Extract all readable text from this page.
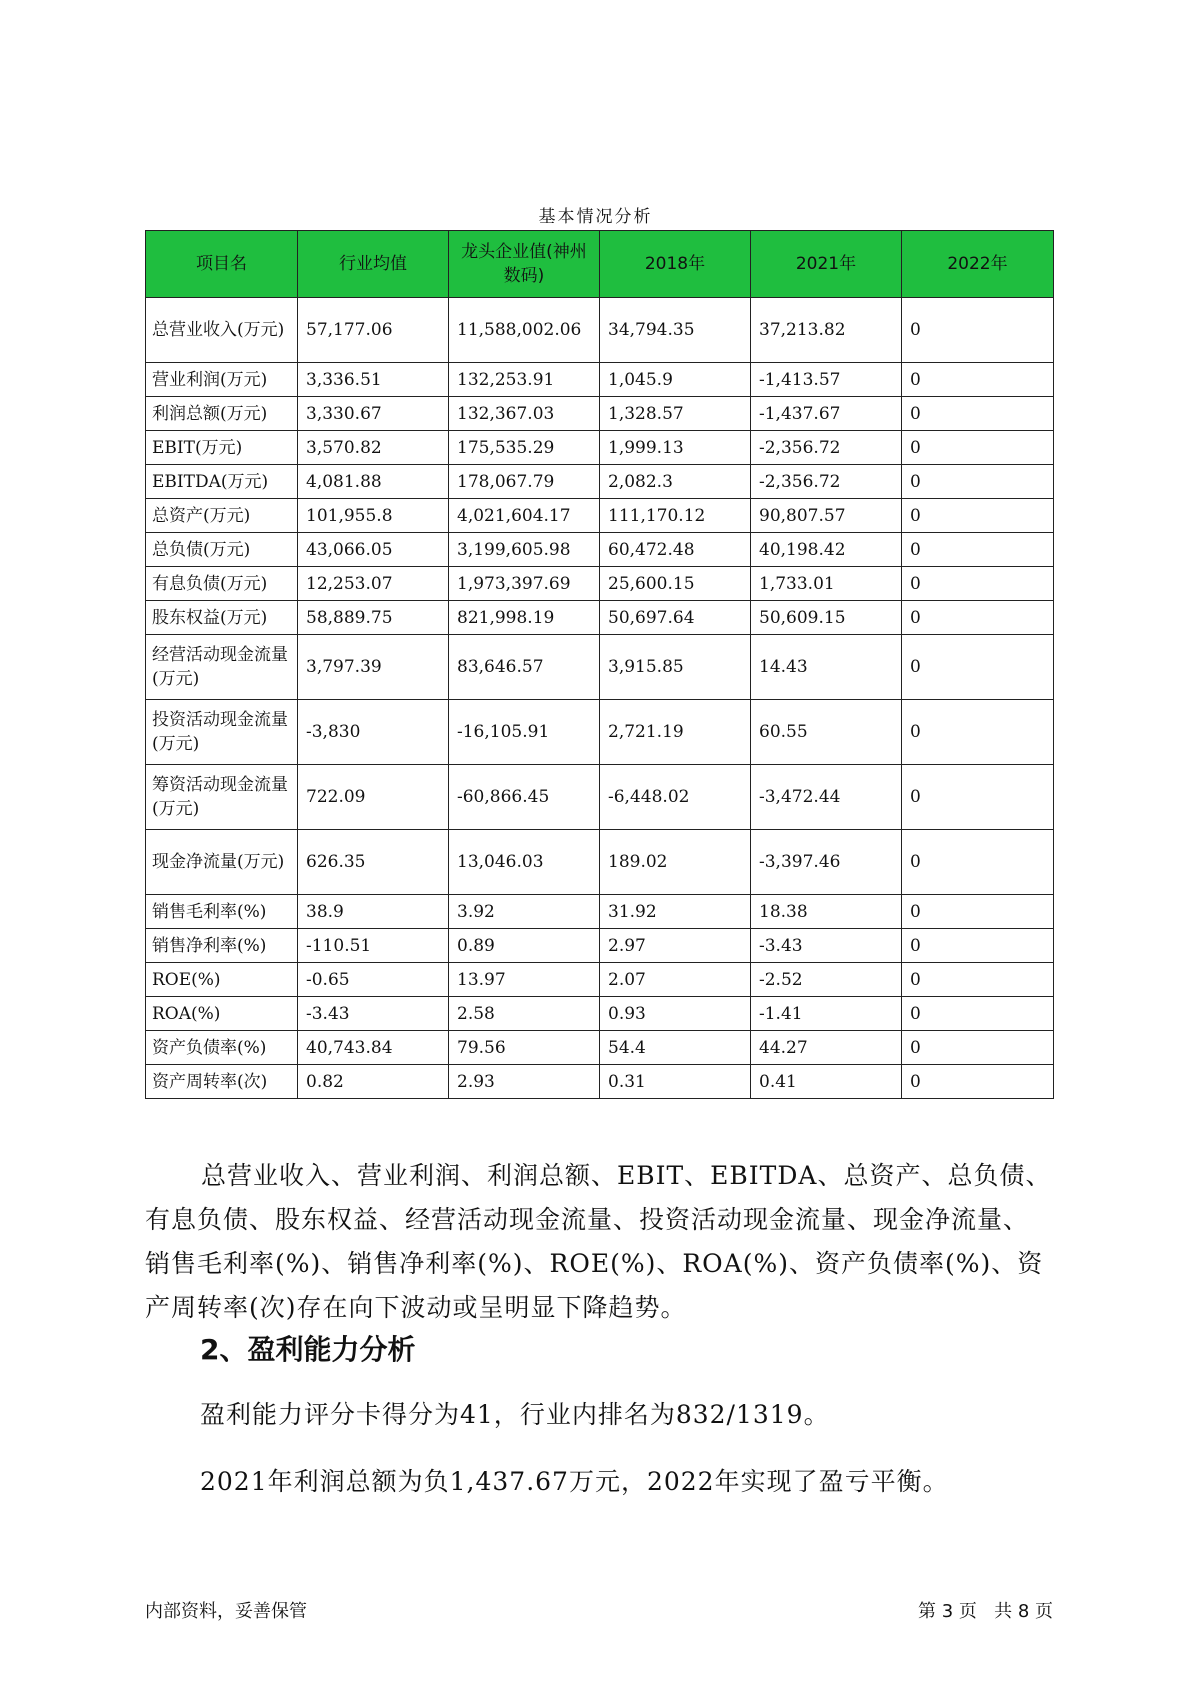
基本情况分析
项目名	行业均值	龙头企业值(神州数码)	2018年	2021年	2022年
总营业收入(万元)	57,177.06	11,588,002.06	34,794.35	37,213.82	0
营业利润(万元)	3,336.51	132,253.91	1,045.9	-1,413.57	0
利润总额(万元)	3,330.67	132,367.03	1,328.57	-1,437.67	0
EBIT(万元)	3,570.82	175,535.29	1,999.13	-2,356.72	0
EBITDA(万元)	4,081.88	178,067.79	2,082.3	-2,356.72	0
总资产(万元)	101,955.8	4,021,604.17	111,170.12	90,807.57	0
总负债(万元)	43,066.05	3,199,605.98	60,472.48	40,198.42	0
有息负债(万元)	12,253.07	1,973,397.69	25,600.15	1,733.01	0
股东权益(万元)	58,889.75	821,998.19	50,697.64	50,609.15	0
经营活动现金流量(万元)	3,797.39	83,646.57	3,915.85	14.43	0
投资活动现金流量(万元)	-3,830	-16,105.91	2,721.19	60.55	0
筹资活动现金流量(万元)	722.09	-60,866.45	-6,448.02	-3,472.44	0
现金净流量(万元)	626.35	13,046.03	189.02	-3,397.46	0
销售毛利率(%)	38.9	3.92	31.92	18.38	0
销售净利率(%)	-110.51	0.89	2.97	-3.43	0
ROE(%)	-0.65	13.97	2.07	-2.52	0
ROA(%)	-3.43	2.58	0.93	-1.41	0
资产负债率(%)	40,743.84	79.56	54.4	44.27	0
资产周转率(次)	0.82	2.93	0.31	0.41	0
总营业收入、营业利润、利润总额、EBIT、EBITDA、总资产、总负债、有息负债、股东权益、经营活动现金流量、投资活动现金流量、现金净流量、销售毛利率(%)、销售净利率(%)、ROE(%)、ROA(%)、资产负债率(%)、资产周转率(次)存在向下波动或呈明显下降趋势。
2、盈利能力分析
盈利能力评分卡得分为41，行业内排名为832/1319。
2021年利润总额为负1,437.67万元，2022年实现了盈亏平衡。
内部资料，妥善保管	第 3 页   共 8 页
